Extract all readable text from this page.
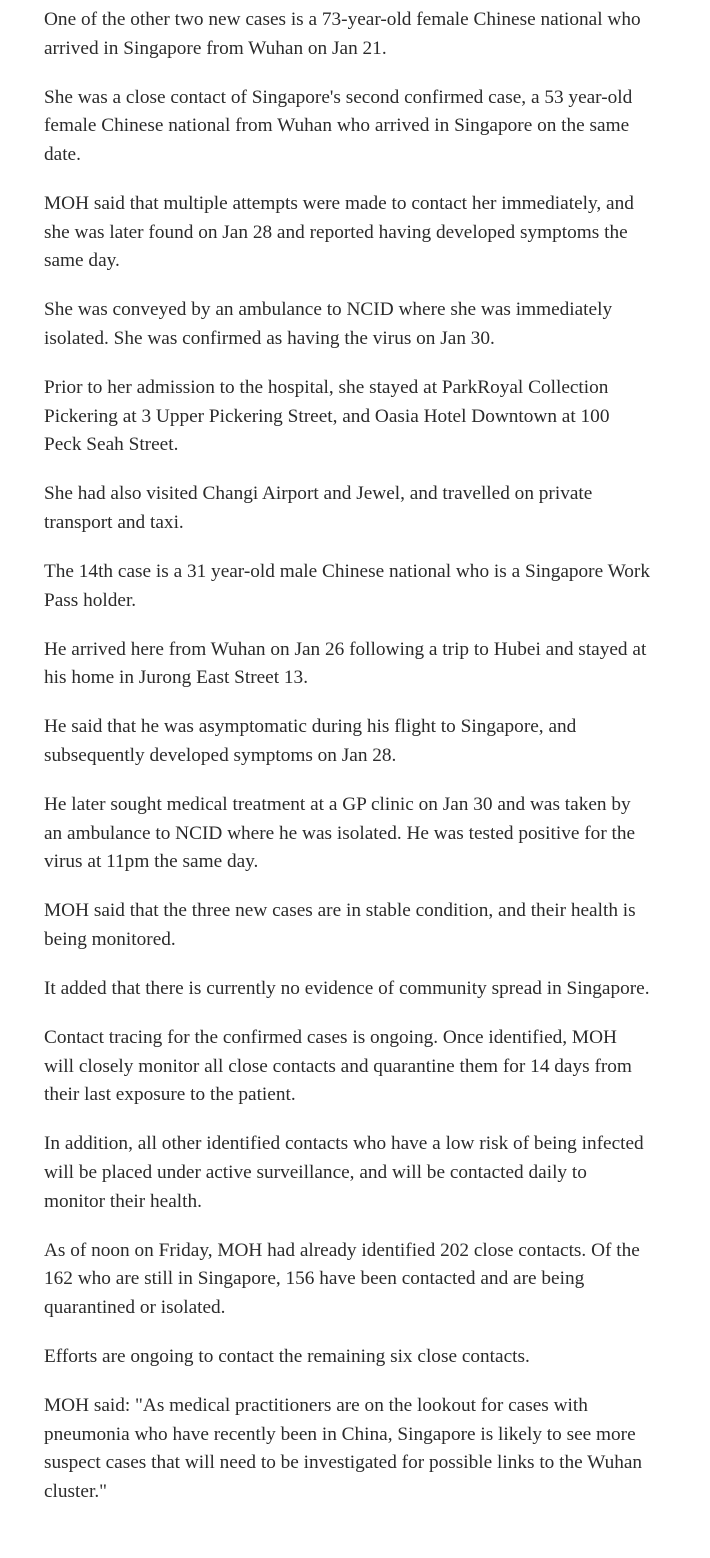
One of the other two new cases is a 73-year-old female Chinese national who arrived in Singapore from Wuhan on Jan 21.

She was a close contact of Singapore's second confirmed case, a 53 year-old female Chinese national from Wuhan who arrived in Singapore on the same date.

MOH said that multiple attempts were made to contact her immediately, and she was later found on Jan 28 and reported having developed symptoms the same day.

She was conveyed by an ambulance to NCID where she was immediately isolated. She was confirmed as having the virus on Jan 30.

Prior to her admission to the hospital, she stayed at ParkRoyal Collection Pickering at 3 Upper Pickering Street, and Oasia Hotel Downtown at 100 Peck Seah Street.

She had also visited Changi Airport and Jewel, and travelled on private transport and taxi.

The 14th case is a 31 year-old male Chinese national who is a Singapore Work Pass holder.

He arrived here from Wuhan on Jan 26 following a trip to Hubei and stayed at his home in Jurong East Street 13.

He said that he was asymptomatic during his flight to Singapore, and subsequently developed symptoms on Jan 28.

He later sought medical treatment at a GP clinic on Jan 30 and was taken by an ambulance to NCID where he was isolated. He was tested positive for the virus at 11pm the same day.

MOH said that the three new cases are in stable condition, and their health is being monitored.

It added that there is currently no evidence of community spread in Singapore.

Contact tracing for the confirmed cases is ongoing. Once identified, MOH will closely monitor all close contacts and quarantine them for 14 days from their last exposure to the patient.

In addition, all other identified contacts who have a low risk of being infected will be placed under active surveillance, and will be contacted daily to monitor their health.

As of noon on Friday, MOH had already identified 202 close contacts. Of the 162 who are still in Singapore, 156 have been contacted and are being quarantined or isolated.

Efforts are ongoing to contact the remaining six close contacts.

MOH said: "As medical practitioners are on the lookout for cases with pneumonia who have recently been in China, Singapore is likely to see more suspect cases that will need to be investigated for possible links to the Wuhan cluster."
